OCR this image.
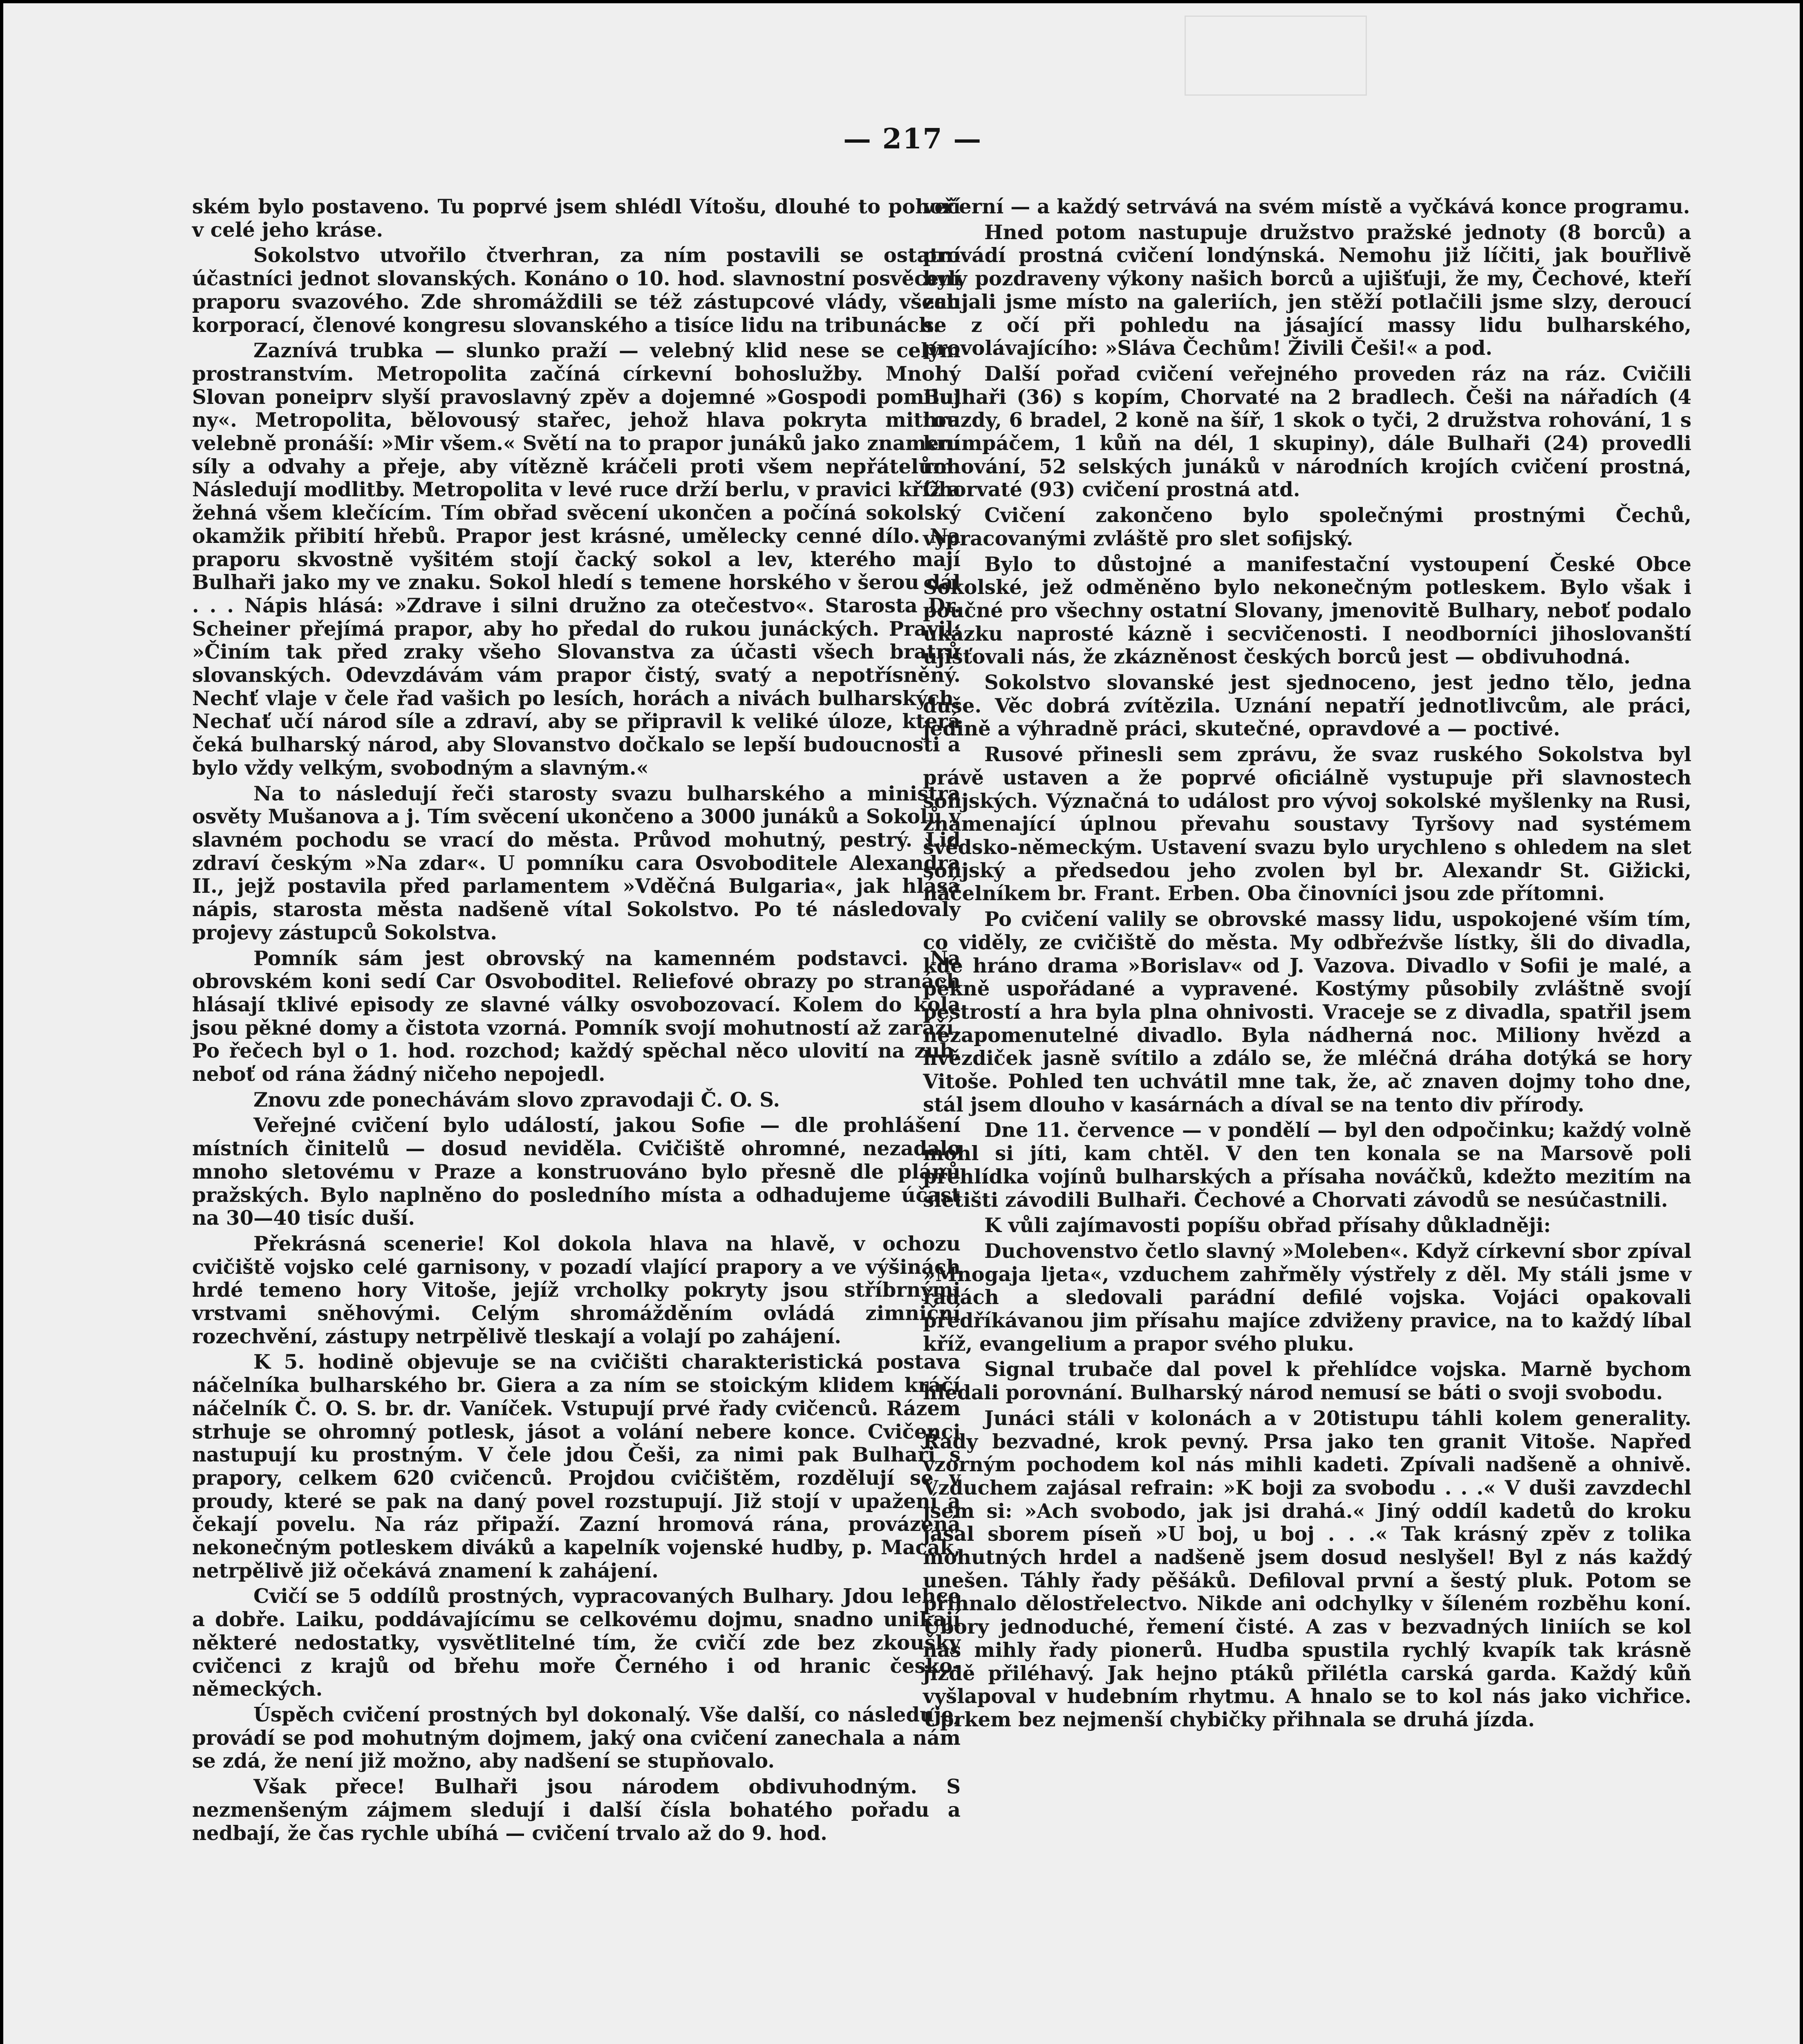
— 217 —

ském bylo postaveno. Tu poprvé jsem shlédl Vítošu, dlouhé to pohoří v celé jeho kráse.

Sokolstvo utvořilo čtverhran, za ním postavili se ostatní účastníci jednot slovanských. Konáno o 10. hod. slavnostní posvěcení praporu svazového. Zde shromáždili se též zástupcové vlády, všech korporací, členové kongresu slovanského a tisíce lidu na tribunách.

Zaznívá trubka — slunko praží — velebný klid nese se celým prostranstvím. Metropolita začíná církevní bohoslužby. Mnohý Slovan poneiprv slyší pravoslavný zpěv a dojemné »Gospodi pomiluj ny«. Metropolita, bělovousý stařec, jehož hlava pokryta mitrou velebně pronáší: »Mir všem.« Světí na to prapor junáků jako znamení síly a odvahy a přeje, aby vítězně kráčeli proti všem nepřátelům. Následují modlitby. Metropolita v levé ruce drží berlu, v pravici kříž a žehná všem klečícím. Tím obřad svěcení ukončen a počíná sokolský okamžik přibití hřebů. Prapor jest krásné, umělecky cenné dílo. Na praporu skvostně vyšitém stojí čacký sokol a lev, kterého mají Bulhaři jako my ve znaku. Sokol hledí s temene horského v šerou dál . . . Nápis hlásá: »Zdrave i silni družno za otečestvo«. Starosta Dr. Scheiner přejímá prapor, aby ho předal do rukou junáckých. Pravil: »Činím tak před zraky všeho Slovanstva za účasti všech bratrů slovanských. Odevzdávám vám prapor čistý, svatý a nepotřísněný. Nechť vlaje v čele řad vašich po lesích, horách a nivách bulharských. Nechať učí národ síle a zdraví, aby se připravil k veliké úloze, která čeká bulharský národ, aby Slovanstvo dočkalo se lepší budoucnosti a bylo vždy velkým, svobodným a slavným.«

Na to následují řeči starosty svazu bulharského a ministra osvěty Mušanova a j. Tím svěcení ukončeno a 3000 junáků a Sokolů v slavném pochodu se vrací do města. Průvod mohutný, pestrý. Lid zdraví českým »Na zdar«. U pomníku cara Osvoboditele Alexandra II., jejž postavila před parlamentem »Vděčná Bulgaria«, jak hlásá nápis, starosta města nadšeně vítal Sokolstvo. Po té následovaly projevy zástupců Sokolstva.

Pomník sám jest obrovský na kamenném podstavci. Na obrovském koni sedí Car Osvoboditel. Reliefové obrazy po stranách hlásají tklivé episody ze slavné války osvobozovací. Kolem do kola jsou pěkné domy a čistota vzorná. Pomník svojí mohutností až zaráží. Po řečech byl o 1. hod. rozchod; každý spěchal něco ulovití na zub, neboť od rána žádný ničeho nepojedl.

Znovu zde ponechávám slovo zpravodaji Č. O. S.

Veřejné cvičení bylo událostí, jakou Sofie — dle prohlášení místních činitelů — dosud neviděla. Cvičiště ohromné, nezadalo mnoho sletovému v Praze a konstruováno bylo přesně dle plánů pražských. Bylo naplněno do posledního místa a odhadujeme účast na 30—40 tisíc duší.

Překrásná scenerie! Kol dokola hlava na hlavě, v ochozu cvičiště vojsko celé garnisony, v pozadí vlající prapory a ve výšinách hrdé temeno hory Vitoše, jejíž vrcholky pokryty jsou stříbrnými vrstvami sněhovými. Celým shromážděním ovládá zimniční rozechvění, zástupy netrpělivě tleskají a volají po zahájení.

K 5. hodině objevuje se na cvičišti charakteristická postava náčelníka bulharského br. Giera a za ním se stoickým klidem kráčí náčelník Č. O. S. br. dr. Vaníček. Vstupují prvé řady cvičenců. Rázem strhuje se ohromný potlesk, jásot a volání nebere konce. Cvičenci nastupují ku prostným. V čele jdou Češi, za nimi pak Bulhaři s prapory, celkem 620 cvičenců. Projdou cvičištěm, rozdělují se v proudy, které se pak na daný povel rozstupují. Již stojí v upažení a čekají povelu. Na ráz připaží. Zazní hromová rána, provázená nekonečným potleskem diváků a kapelník vojenské hudby, p. Macák, netrpělivě již očekává znamení k zahájení.

Cvičí se 5 oddílů prostných, vypracovaných Bulhary. Jdou lehce a dobře. Laiku, poddávajícímu se celkovému dojmu, snadno unikají některé nedostatky, vysvětlitelné tím, že cvičí zde bez zkoušky cvičenci z krajů od břehu moře Černého i od hranic česko-německých.

Úspěch cvičení prostných byl dokonalý. Vše další, co následuje, provádí se pod mohutným dojmem, jaký ona cvičení zanechala a nám se zdá, že není již možno, aby nadšení se stupňovalo.

Však přece! Bulhaři jsou národem obdivuhodným. S nezmenšeným zájmem sledují i další čísla bohatého pořadu a nedbají, že čas rychle ubíhá — cvičení trvalo až do 9. hod.

večerní — a každý setrvává na svém místě a vyčkává konce programu.

Hned potom nastupuje družstvo pražské jednoty (8 borců) a provádí prostná cvičení londýnská. Nemohu již líčiti, jak bouřlivě byly pozdraveny výkony našich borců a ujišťuji, že my, Čechové, kteří zaujali jsme místo na galeriích, jen stěží potlačili jsme slzy, deroucí se z očí při pohledu na jásající massy lidu bulharského, provolávajícího: »Sláva Čechům! Živili Češi!« a pod.

Další pořad cvičení veřejného proveden ráz na ráz. Cvičili Bulhaři (36) s kopím, Chorvaté na 2 bradlech. Češi na nářadích (4 hrazdy, 6 bradel, 2 koně na šíř, 1 skok o tyči, 2 družstva rohování, 1 s krumpáčem, 1 kůň na dél, 1 skupiny), dále Bulhaři (24) provedli rohování, 52 selských junáků v národních krojích cvičení prostná, Chorvaté (93) cvičení prostná atd.

Cvičení zakončeno bylo společnými prostnými Čechů, vypracovanými zvláště pro slet sofijský.

Bylo to důstojné a manifestační vystoupení České Obce Sokolské, jež odměněno bylo nekonečným potleskem. Bylo však i poučné pro všechny ostatní Slovany, jmenovitě Bulhary, neboť podalo ukázku naprosté kázně i secvičenosti. I neodborníci jihoslovanští ujišťovali nás, že zkázněnost českých borců jest — obdivuhodná.

Sokolstvo slovanské jest sjednoceno, jest jedno tělo, jedna duše. Věc dobrá zvítězila. Uznání nepatří jednotlivcům, ale práci, jedině a výhradně práci, skutečné, opravdové a — poctivé.

Rusové přinesli sem zprávu, že svaz ruského Sokolstva byl právě ustaven a že poprvé oficiálně vystupuje při slavnostech sofijských. Význačná to událost pro vývoj sokolské myšlenky na Rusi, znamenající úplnou převahu soustavy Tyršovy nad systémem švédsko-německým. Ustavení svazu bylo urychleno s ohledem na slet sofijský a předsedou jeho zvolen byl br. Alexandr St. Gižicki, náčelníkem br. Frant. Erben. Oba činovníci jsou zde přítomni.

Po cvičení valily se obrovské massy lidu, uspokojené vším tím, co viděly, ze cvičiště do města. My odbřeźvše lístky, šli do divadla, kde hráno drama »Borislav« od J. Vazova. Divadlo v Sofii je malé, a pěkně uspořádané a vypravené. Kostýmy působily zvláštně svojí pestrostí a hra byla plna ohnivosti. Vraceje se z divadla, spatřil jsem nezapomenutelné divadlo. Byla nádherná noc. Miliony hvězd a hvězdiček jasně svítilo a zdálo se, že mléčná dráha dotýká se hory Vitoše. Pohled ten uchvátil mne tak, že, ač znaven dojmy toho dne, stál jsem dlouho v kasárnách a díval se na tento div přírody.

Dne 11. července — v pondělí — byl den odpočinku; každý volně mohl si jíti, kam chtěl. V den ten konala se na Marsově poli přehlídka vojínů bulharských a přísaha nováčků, kdežto mezitím na sletišti závodili Bulhaři. Čechové a Chorvati závodů se nesúčastnili.

K vůli zajímavosti popíšu obřad přísahy důkladněji:

Duchovenstvo četlo slavný »Moleben«. Když církevní sbor zpíval »Mnogaja ljeta«, vzduchem zahřměly výstřely z děl. My stáli jsme v řadách a sledovali parádní defilé vojska. Vojáci opakovali předříkávanou jim přísahu majíce zdviženy pravice, na to každý líbal kříž, evangelium a prapor svého pluku.

Signal trubače dal povel k přehlídce vojska. Marně bychom hledali porovnání. Bulharský národ nemusí se báti o svoji svobodu.

Junáci stáli v kolonách a v 20tistupu táhli kolem generality. Řady bezvadné, krok pevný. Prsa jako ten granit Vitoše. Napřed vzorným pochodem kol nás mihli kadeti. Zpívali nadšeně a ohnivě. Vzduchem zajásal refrain: »K boji za svobodu . . .« V duši zavzdechl jsem si: »Ach svobodo, jak jsi drahá.« Jiný oddíl kadetů do kroku jásal sborem píseň »U boj, u boj . . .« Tak krásný zpěv z tolika mohutných hrdel a nadšeně jsem dosud neslyšel! Byl z nás každý unešen. Táhly řady pěšáků. Defiloval první a šestý pluk. Potom se přihnalo dělostřelectvo. Nikde ani odchylky v šíleném rozběhu koní. Úbory jednoduché, řemení čisté. A zas v bezvadných liniích se kol nás mihly řady pionerů. Hudba spustila rychlý kvapík tak krásně jízdě přiléhavý. Jak hejno ptáků přilétla carská garda. Každý kůň vyšlapoval v hudebním rhytmu. A hnalo se to kol nás jako vichřice. Úprkem bez nejmenší chybičky přihnala se druhá jízda.
